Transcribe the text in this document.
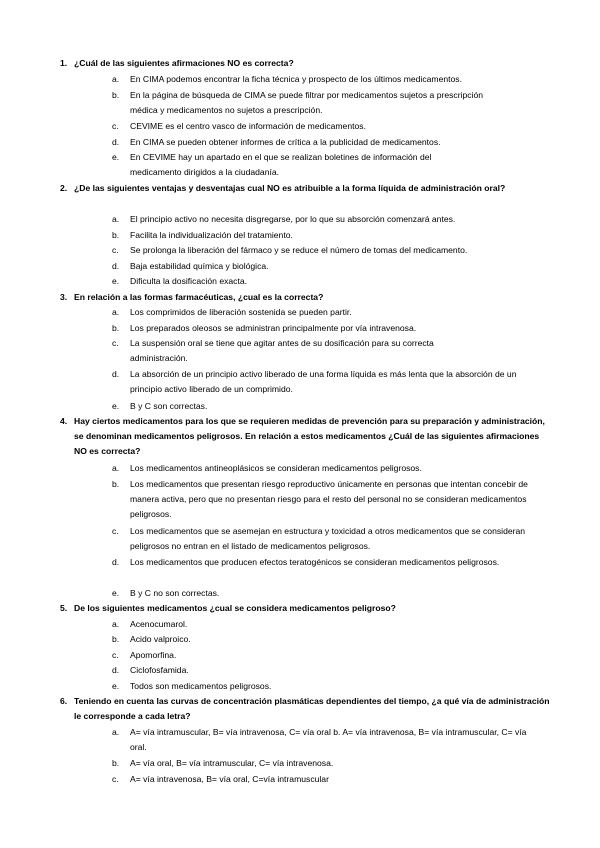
1. ¿Cuál de las siguientes afirmaciones NO es correcta?
a. En CIMA podemos encontrar la ficha técnica y prospecto de los últimos medicamentos.
b. En la página de búsqueda de CIMA se puede filtrar por medicamentos sujetos a prescripción médica y medicamentos no sujetos a prescripción.
c. CEVIME es el centro vasco de información de medicamentos.
d. En CIMA se pueden obtener informes de crítica a la publicidad de medicamentos.
e. En CEVIME hay un apartado en el que se realizan boletines de información del medicamento dirigidos a la ciudadanía.
2. ¿De las siguientes ventajas y desventajas cual NO es atribuible a la forma líquida de administración oral?
a. El principio activo no necesita disgregarse, por lo que su absorción comenzará antes.
b. Facilita la individualización del tratamiento.
c. Se prolonga la liberación del fármaco y se reduce el número de tomas del medicamento.
d. Baja estabilidad química y biológica.
e. Dificulta la dosificación exacta.
3. En relación a las formas farmacéuticas, ¿cual es la correcta?
a. Los comprimidos de liberación sostenida se pueden partir.
b. Los preparados oleosos se administran principalmente por vía intravenosa.
c. La suspensión oral se tiene que agitar antes de su dosificación para su correcta administración.
d. La absorción de un principio activo liberado de una forma líquida es más lenta que la absorción de un principio activo liberado de un comprimido.
e. B y C son correctas.
4. Hay ciertos medicamentos para los que se requieren medidas de prevención para su preparación y administración, se denominan medicamentos peligrosos. En relación a estos medicamentos ¿Cuál de las siguientes afirmaciones NO es correcta?
a. Los medicamentos antineoplásicos se consideran medicamentos peligrosos.
b. Los medicamentos que presentan riesgo reproductivo únicamente en personas que intentan concebir de manera activa, pero que no presentan riesgo para el resto del personal no se consideran medicamentos peligrosos.
c. Los medicamentos que se asemejan en estructura y toxicidad a otros medicamentos que se consideran peligrosos no entran en el listado de medicamentos peligrosos.
d. Los medicamentos que producen efectos teratogénicos se consideran medicamentos peligrosos.
e. B y C no son correctas.
5. De los siguientes medicamentos ¿cual se considera medicamentos peligroso?
a. Acenocumarol.
b. Acido valproico.
c. Apomorfina.
d. Ciclofosfamida.
e. Todos son medicamentos peligrosos.
6. Teniendo en cuenta las curvas de concentración plasmáticas dependientes del tiempo, ¿a qué vía de administración le corresponde a cada letra?
a. A= vía intramuscular, B= vía intravenosa, C= vía oral b. A= vía intravenosa, B= vía intramuscular, C= vía oral.
b. A= vía oral, B= vía intramuscular, C= vía intravenosa.
c. A= vía intravenosa, B= vía oral, C=vía intramuscular
